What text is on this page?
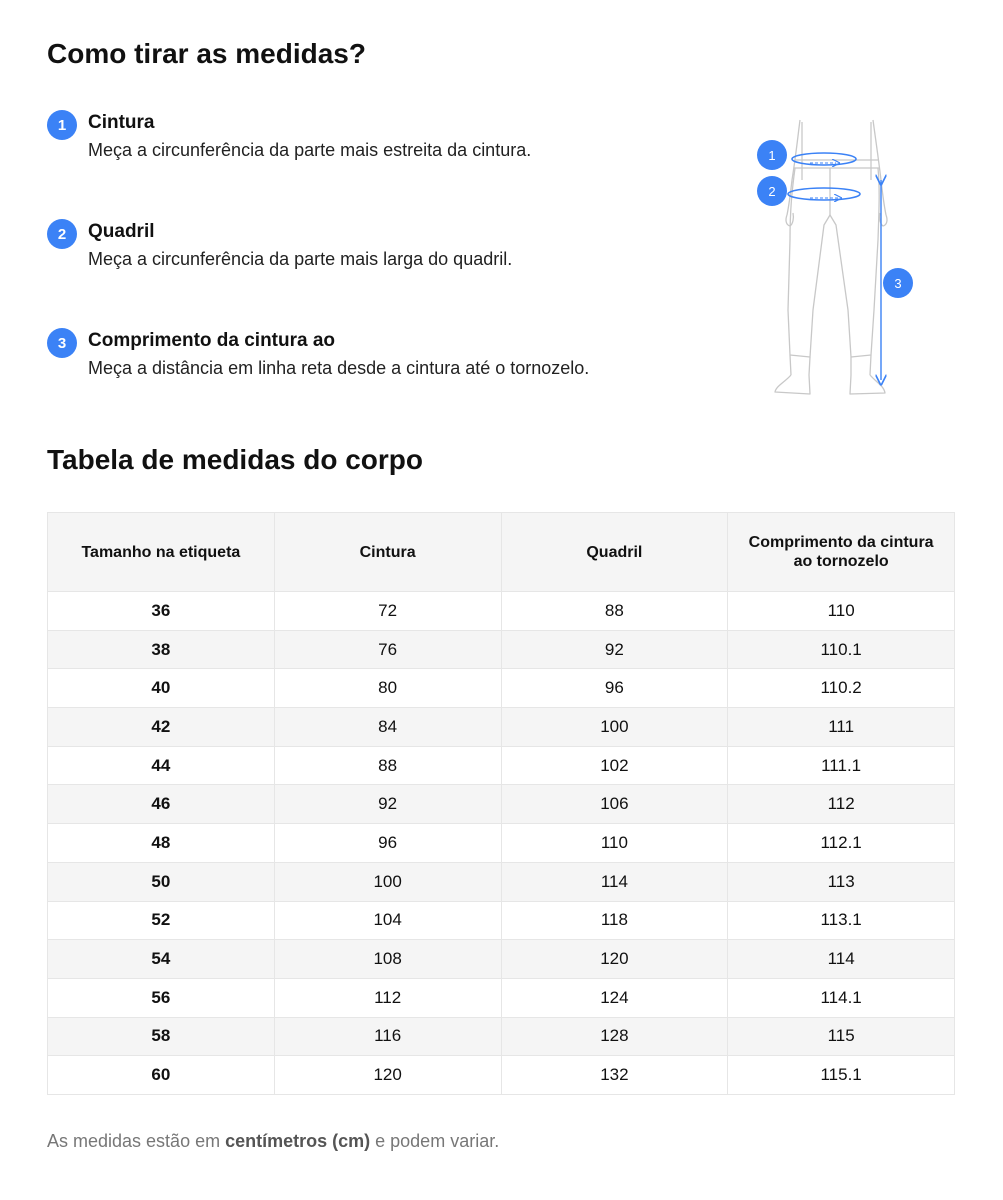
Como tirar as medidas?
1	Cintura
Meça a circunferência da parte mais estreita da cintura.
2	Quadril
Meça a circunferência da parte mais larga do quadril.
3	Comprimento da cintura ao
Meça a distância em linha reta desde a cintura até o tornozelo.
1
2
3
Tabela de medidas do corpo
Tamanho na etiqueta	Cintura	Quadril	Comprimento da cintura ao tornozelo
36	72	88	110
38	76	92	110.1
40	80	96	110.2
42	84	100	111
44	88	102	111.1
46	92	106	112
48	96	110	112.1
50	100	114	113
52	104	118	113.1
54	108	120	114
56	112	124	114.1
58	116	128	115
60	120	132	115.1
As medidas estão em centímetros (cm) e podem variar.
